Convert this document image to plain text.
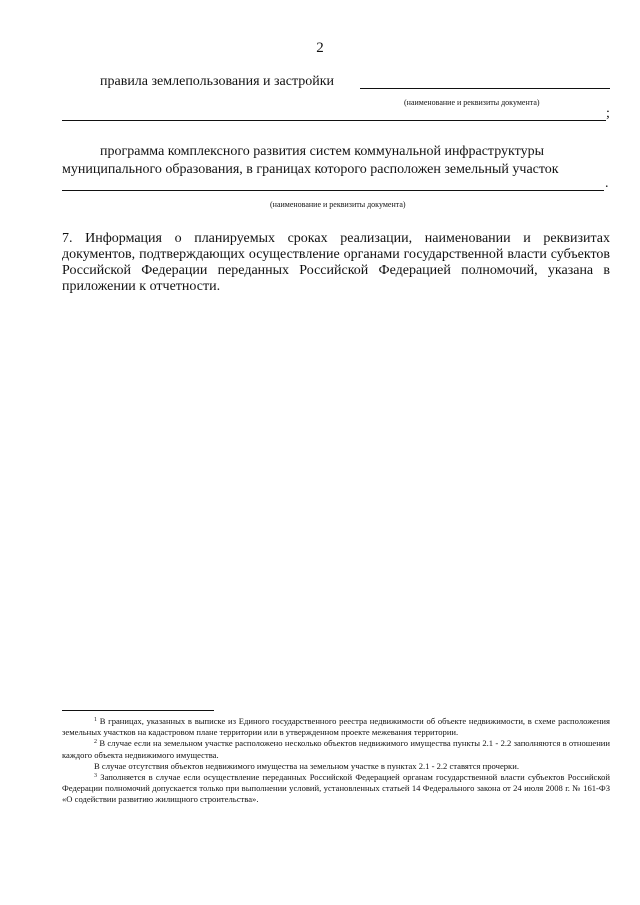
2
правила землепользования и застройки
(наименование и реквизиты документа)
;
программа комплексного развития систем коммунальной инфраструктуры
муниципального образования, в границах которого расположен земельный участок
.
(наименование и реквизиты документа)
7. Информация о планируемых сроках реализации, наименовании и реквизитах документов, подтверждающих осуществление органами государственной власти субъектов Российской Федерации переданных Российской Федерацией полномочий, указана в приложении к отчетности.
$^1$ В границах, указанных в выписке из Единого государственного реестра недвижимости об объекте недвижимости, в схеме расположения земельных участков на кадастровом плане территории или в утвержденном проекте межевания территории.
$^2$ В случае если на земельном участке расположено несколько объектов недвижимого имущества пункты 2.1 - 2.2 заполняются в отношении каждого объекта недвижимого имущества.
В случае отсутствия объектов недвижимого имущества на земельном участке в пунктах 2.1 - 2.2 ставятся прочерки.
$^3$ Заполняется в случае если осуществление переданных Российской Федерацией органам государственной власти субъектов Российской Федерации полномочий допускается только при выполнении условий, установленных статьей 14 Федерального закона от 24 июля 2008 г. № 161-ФЗ «О содействии развитию жилищного строительства».
